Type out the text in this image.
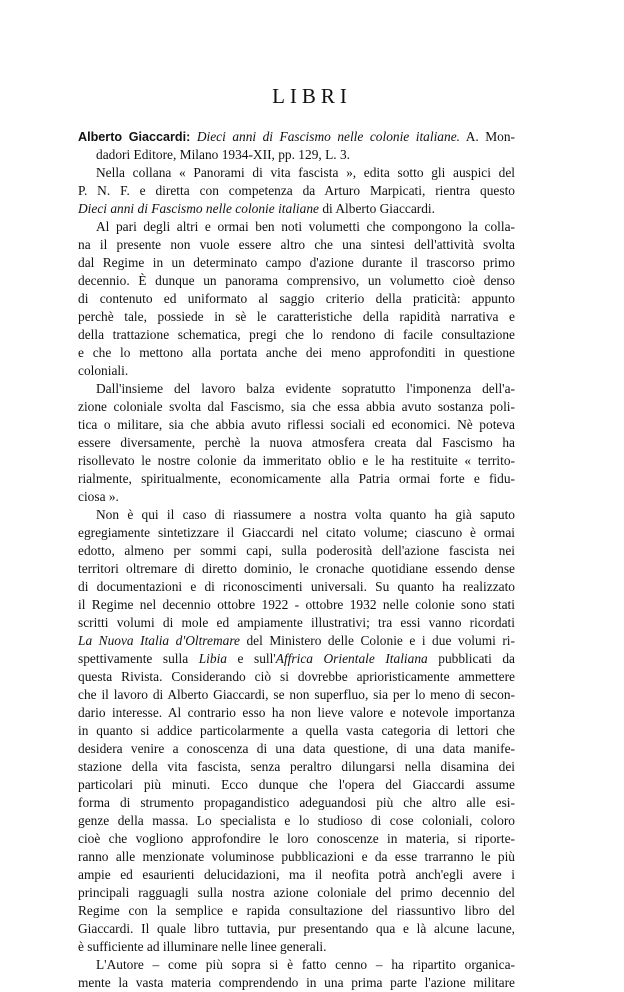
LIBRI
Alberto Giaccardi: Dieci anni di Fascismo nelle colonie italiane. A. Mon-
dadori Editore, Milano 1934-XII, pp. 129, L. 3.
Nella collana « Panorami di vita fascista », edita sotto gli auspici del
P. N. F. e diretta con competenza da Arturo Marpicati, rientra questo
Dieci anni di Fascismo nelle colonie italiane di Alberto Giaccardi.
Al pari degli altri e ormai ben noti volumetti che compongono la colla-
na il presente non vuole essere altro che una sintesi dell'attività svolta
dal Regime in un determinato campo d'azione durante il trascorso primo
decennio. È dunque un panorama comprensivo, un volumetto cioè denso
di contenuto ed uniformato al saggio criterio della praticità: appunto
perchè tale, possiede in sè le caratteristiche della rapidità narrativa e
della trattazione schematica, pregi che lo rendono di facile consultazione
e che lo mettono alla portata anche dei meno approfonditi in questione
coloniali.
Dall'insieme del lavoro balza evidente sopratutto l'imponenza dell'a-
zione coloniale svolta dal Fascismo, sia che essa abbia avuto sostanza poli-
tica o militare, sia che abbia avuto riflessi sociali ed economici. Nè poteva
essere diversamente, perchè la nuova atmosfera creata dal Fascismo ha
risollevato le nostre colonie da immeritato oblio e le ha restituite « territo-
rialmente, spiritualmente, economicamente alla Patria ormai forte e fidu-
ciosa ».
Non è qui il caso di riassumere a nostra volta quanto ha già saputo
egregiamente sintetizzare il Giaccardi nel citato volume; ciascuno è ormai
edotto, almeno per sommi capi, sulla poderosità dell'azione fascista nei
territori oltremare di diretto dominio, le cronache quotidiane essendo dense
di documentazioni e di riconoscimenti universali. Su quanto ha realizzato
il Regime nel decennio ottobre 1922 - ottobre 1932 nelle colonie sono stati
scritti volumi di mole ed ampiamente illustrativi; tra essi vanno ricordati
La Nuova Italia d'Oltremare del Ministero delle Colonie e i due volumi ri-
spettivamente sulla Libia e sull'Affrica Orientale Italiana pubblicati da
questa Rivista. Considerando ciò si dovrebbe aprioristicamente ammettere
che il lavoro di Alberto Giaccardi, se non superfluo, sia per lo meno di secon-
dario interesse. Al contrario esso ha non lieve valore e notevole importanza
in quanto si addice particolarmente a quella vasta categoria di lettori che
desidera venire a conoscenza di una data questione, di una data manife-
stazione della vita fascista, senza peraltro dilungarsi nella disamina dei
particolari più minuti. Ecco dunque che l'opera del Giaccardi assume
forma di strumento propagandistico adeguandosi più che altro alle esi-
genze della massa. Lo specialista e lo studioso di cose coloniali, coloro
cioè che vogliono approfondire le loro conoscenze in materia, si riporte-
ranno alle menzionate voluminose pubblicazioni e da esse trarranno le più
ampie ed esaurienti delucidazioni, ma il neofita potrà anch'egli avere i
principali ragguagli sulla nostra azione coloniale del primo decennio del
Regime con la semplice e rapida consultazione del riassuntivo libro del
Giaccardi. Il quale libro tuttavia, pur presentando qua e là alcune lacune,
è sufficiente ad illuminare nelle linee generali.
L'Autore – come più sopra si è fatto cenno – ha ripartito organica-
mente la vasta materia comprendendo in una prima parte l'azione militare
